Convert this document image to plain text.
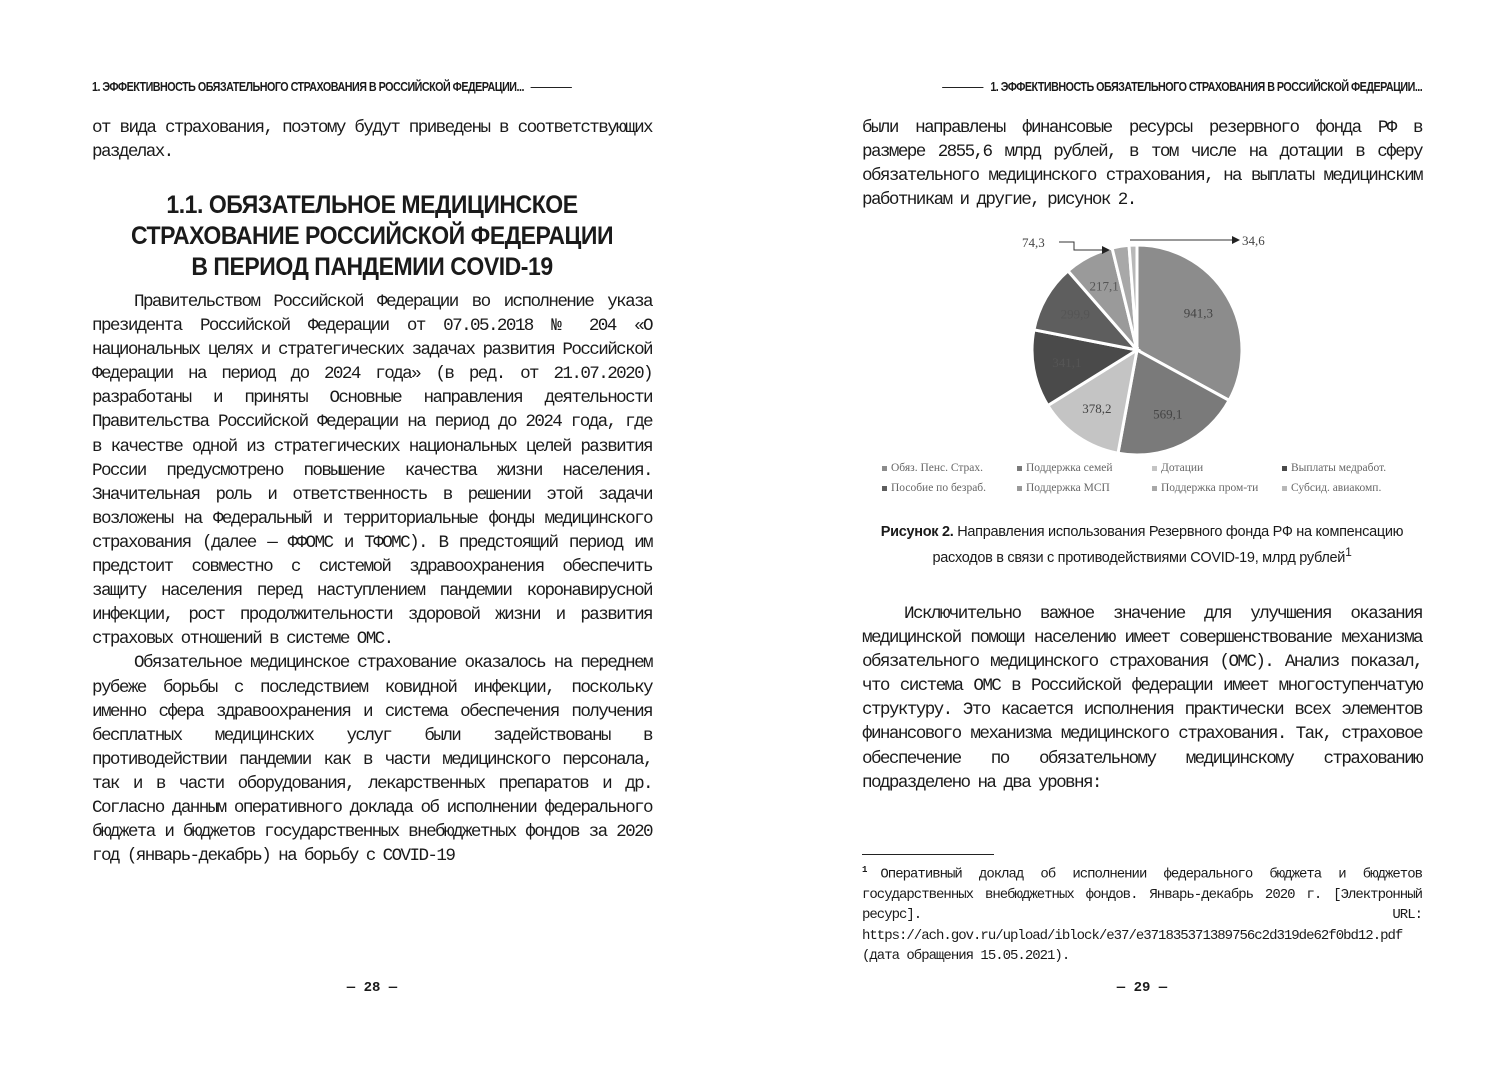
1. ЭФФЕКТИВНОСТЬ ОБЯЗАТЕЛЬНОГО СТРАХОВАНИЯ В РОССИЙСКОЙ ФЕДЕРАЦИИ...

от вида страхования, поэтому будут приведены в соответствующих разделах.

1.1. ОБЯЗАТЕЛЬНОЕ МЕДИЦИНСКОЕ
СТРАХОВАНИЕ РОССИЙСКОЙ ФЕДЕРАЦИИ
В ПЕРИОД ПАНДЕМИИ COVID-19

Правительством Российской Федерации во исполнение указа президента Российской Федерации от 07.05.2018 № 204 «О национальных целях и стратегических задачах развития Российской Федерации на период до 2024 года» (в ред. от 21.07.2020) разработаны и приняты Основные направления деятельности Правительства Российской Федерации на период до 2024 года, где в качестве одной из стратегических национальных целей развития России предусмотрено повышение качества жизни населения. Значительная роль и ответственность в решении этой задачи возложены на Федеральный и территориальные фонды медицинского страхования (далее — ФФОМС и ТФОМС). В предстоящий период им предстоит совместно с системой здравоохранения обеспечить защиту населения перед наступлением пандемии коронавирусной инфекции, рост продолжительности здоровой жизни и развития страховых отношений в системе ОМС.

Обязательное медицинское страхование оказалось на переднем рубеже борьбы с последствием ковидной инфекции, поскольку именно сфера здравоохранения и система обеспечения получения бесплатных медицинских услуг были задействованы в противодействии пандемии как в части медицинского персонала, так и в части оборудования, лекарственных препаратов и др. Согласно данным оперативного доклада об исполнении федерального бюджета и бюджетов государственных внебюджетных фондов за 2020 год (январь-декабрь) на борьбу с COVID-19

— 28 —
1. ЭФФЕКТИВНОСТЬ ОБЯЗАТЕЛЬНОГО СТРАХОВАНИЯ В РОССИЙСКОЙ ФЕДЕРАЦИИ...

были направлены финансовые ресурсы резервного фонда РФ в размере 2855,6 млрд рублей, в том числе на дотации в сферу обязательного медицинского страхования, на выплаты медицинским работникам и другие, рисунок 2.

941,3
569,1
378,2
341,1
299,9
217,1
74,3	34,6
Обяз. Пенс. Страх.	Поддержка семей	Дотации	Выплаты медработ.
Пособие по безраб.	Поддержка МСП	Поддержка пром-ти	Субсид. авиакомп.
Рисунок 2. Направления использования Резервного фонда РФ на компенсацию расходов в связи с противодействиями COVID-19, млрд рублей$^1$

Исключительно важное значение для улучшения оказания медицинской помощи населению имеет совершенствование механизма обязательного медицинского страхования (ОМС). Анализ показал, что система ОМС в Российской федерации имеет многоступенчатую структуру. Это касается исполнения практически всех элементов финансового механизма медицинского страхования. Так, страховое обеспечение по обязательному медицинскому страхованию подразделено на два уровня:

$^1$ Оперативный доклад об исполнении федерального бюджета и бюджетов государственных внебюджетных фондов. Январь-декабрь 2020 г. [Электронный ресурс]. URL: https://ach.gov.ru/upload/iblock/e37/e371835371389756c2d319de62f0bd12.pdf (дата обращения 15.05.2021).
— 29 —
